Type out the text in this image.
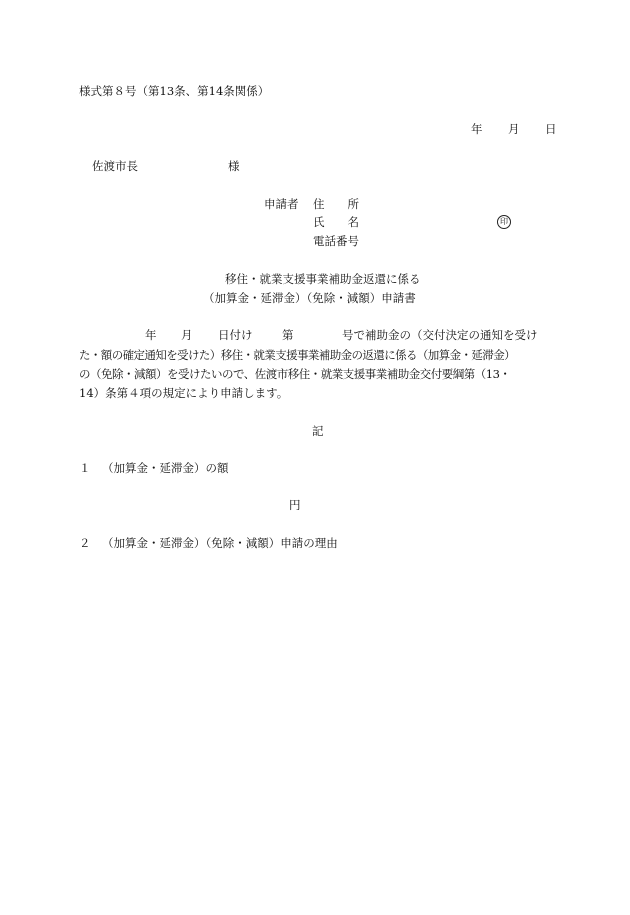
様式第８号（第13条、第14条関係）
年 月 日
佐渡市長	様
申請者 住　　所
氏　　名	印
電話番号
移住・就業支援事業補助金返還に係る
（加算金・延滞金）（免除・減額）申請書
年 月 日付け	第	号で補助金の（交付決定の通知を受け
た・額の確定通知を受けた）移住・就業支援事業補助金の返還に係る（加算金・延滞金）
の（免除・減額）を受けたいので、佐渡市移住・就業支援事業補助金交付要綱第（13・
14）条第４項の規定により申請します。
記
１ （加算金・延滞金）の額
円
２ （加算金・延滞金）（免除・減額）申請の理由
